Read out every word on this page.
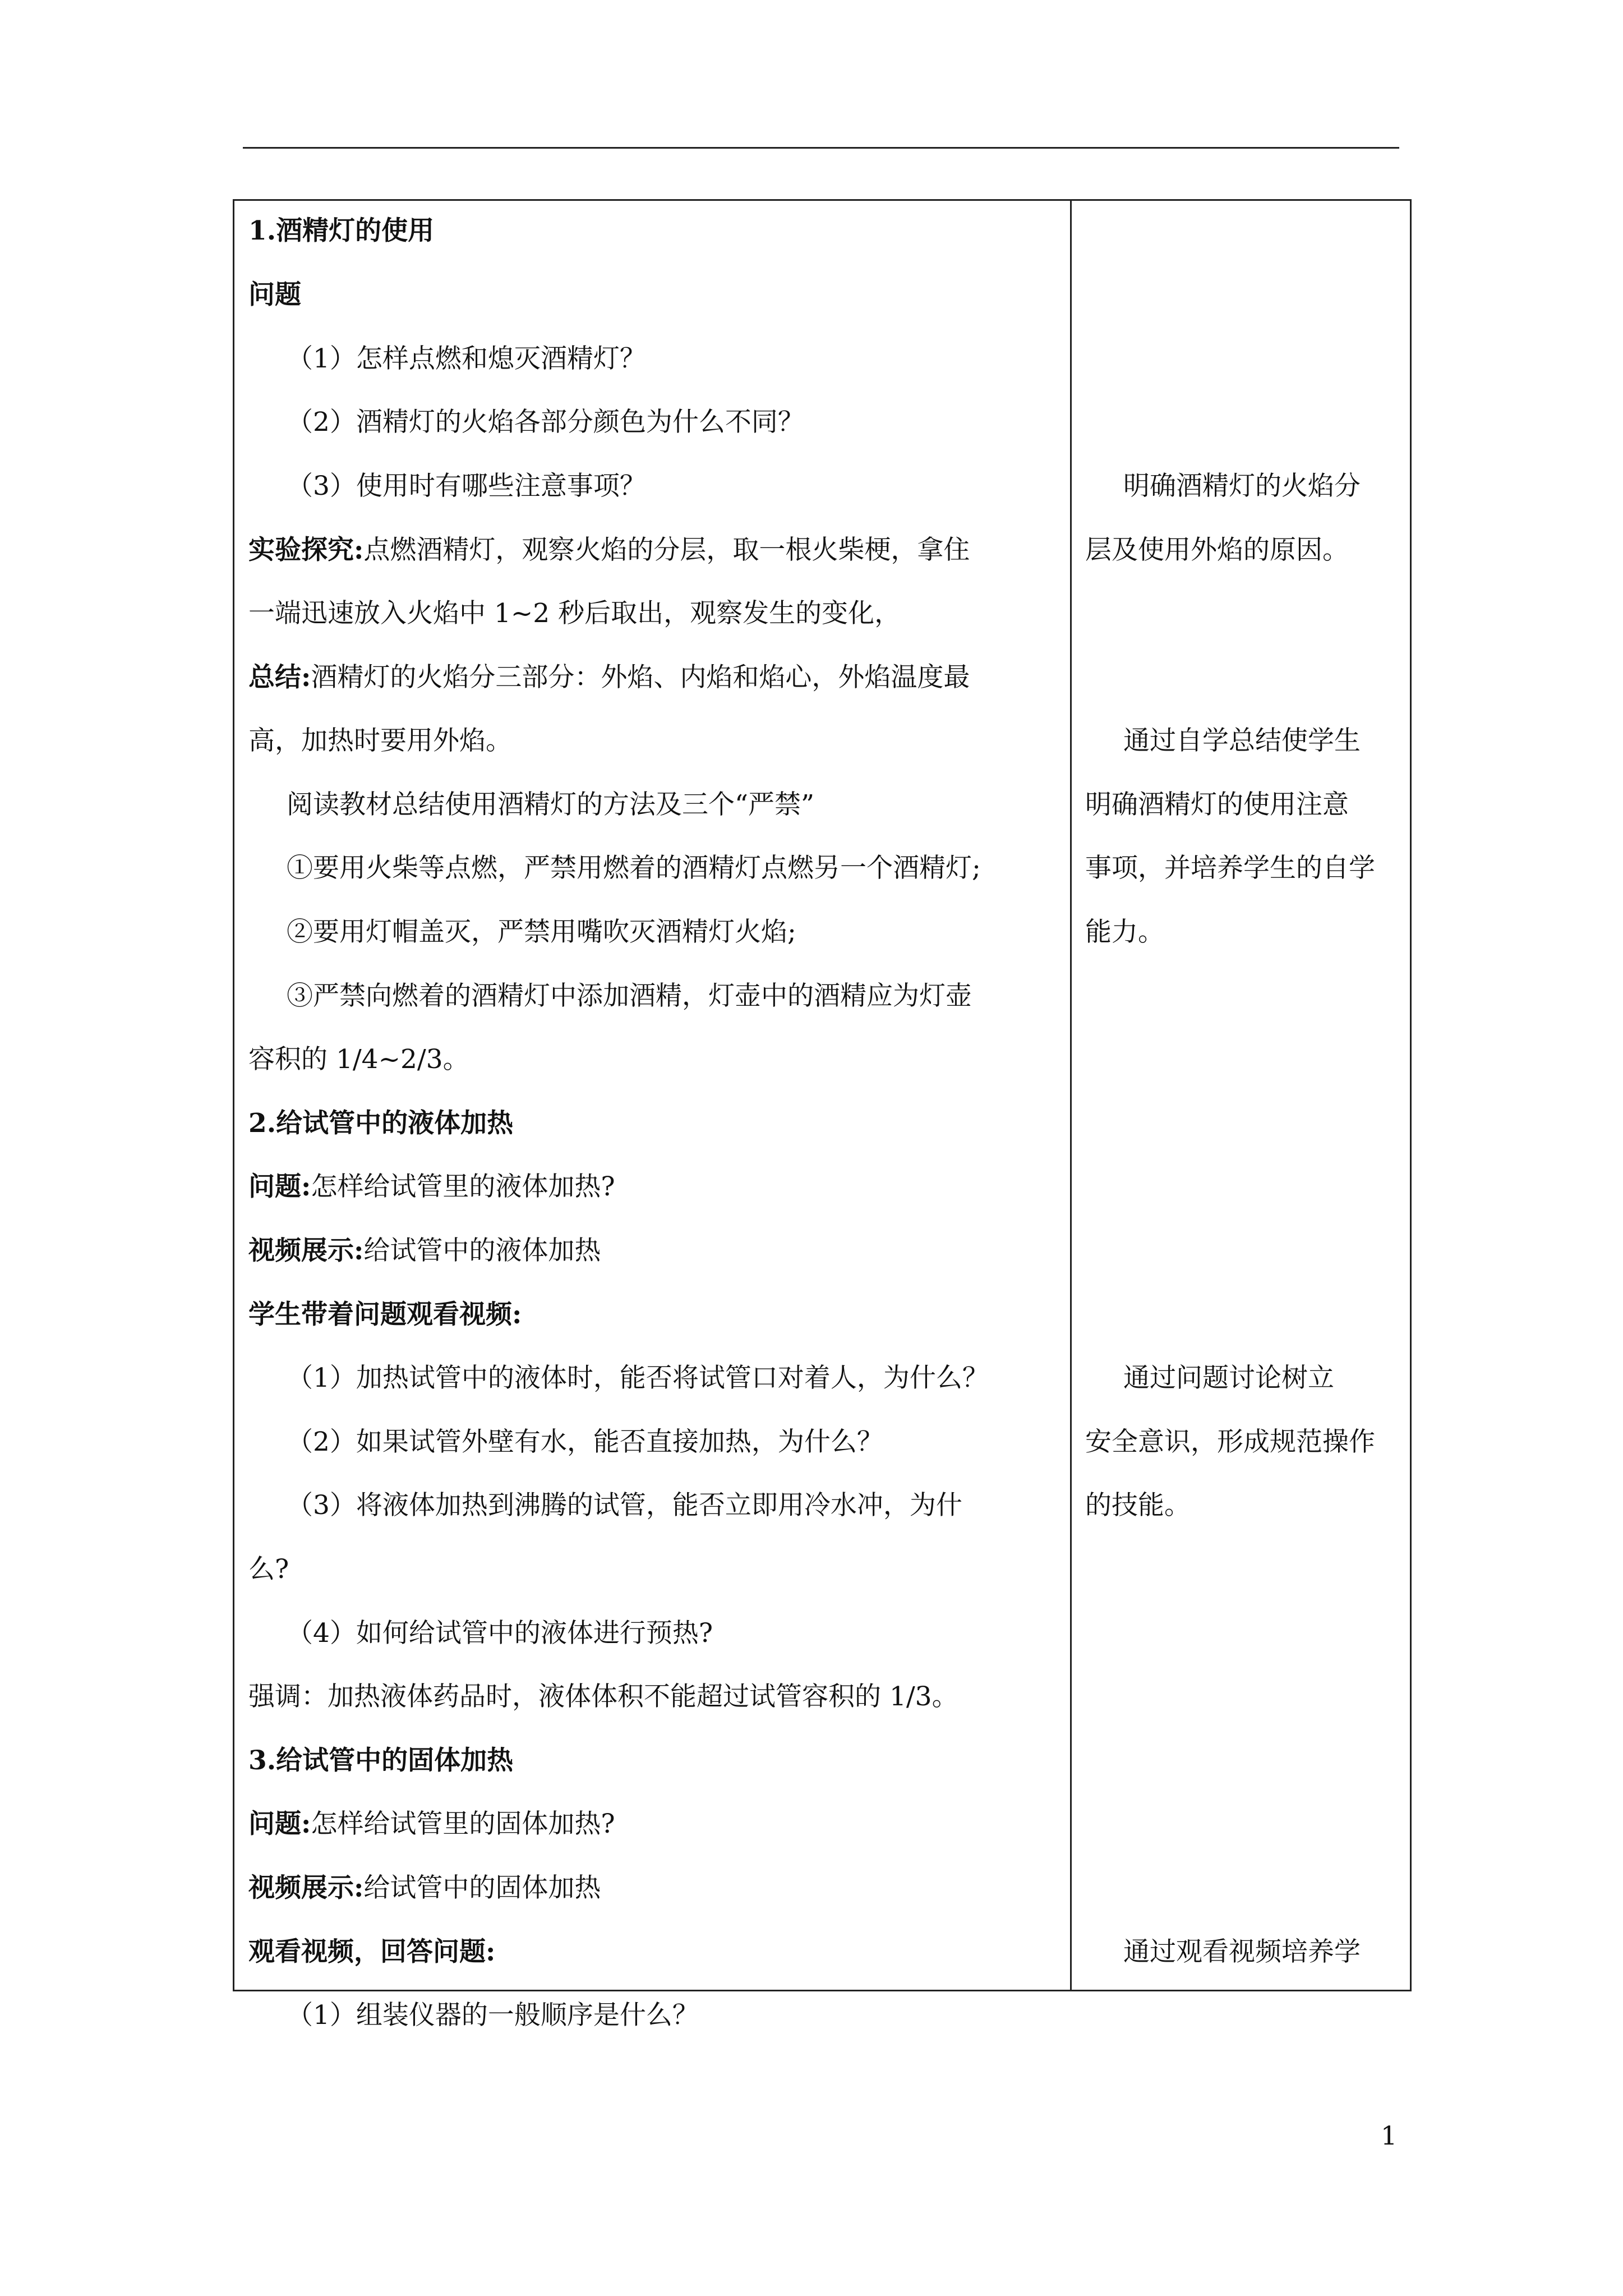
1.酒精灯的使用
问题
（1）怎样点燃和熄灭酒精灯？
（2）酒精灯的火焰各部分颜色为什么不同？
（3）使用时有哪些注意事项？
实验探究:点燃酒精灯，观察火焰的分层，取一根火柴梗，拿住
一端迅速放入火焰中 1~2 秒后取出，观察发生的变化，
总结:酒精灯的火焰分三部分：外焰、内焰和焰心，外焰温度最
高，加热时要用外焰。
阅读教材总结使用酒精灯的方法及三个“严禁”
①要用火柴等点燃，严禁用燃着的酒精灯点燃另一个酒精灯;
②要用灯帽盖灭，严禁用嘴吹灭酒精灯火焰;
③严禁向燃着的酒精灯中添加酒精，灯壶中的酒精应为灯壶
容积的 1/4~2/3。
2.给试管中的液体加热
问题:怎样给试管里的液体加热?
视频展示:给试管中的液体加热
学生带着问题观看视频:
（1）加热试管中的液体时，能否将试管口对着人，为什么？
（2）如果试管外壁有水，能否直接加热，为什么？
（3）将液体加热到沸腾的试管，能否立即用冷水冲，为什
么?
（4）如何给试管中的液体进行预热?
强调：加热液体药品时，液体体积不能超过试管容积的 1/3。
3.给试管中的固体加热
问题:怎样给试管里的固体加热?
视频展示:给试管中的固体加热
观看视频，回答问题:
（1）组装仪器的一般顺序是什么？
明确酒精灯的火焰分
层及使用外焰的原因。
通过自学总结使学生
明确酒精灯的使用注意
事项，并培养学生的自学
能力。
通过问题讨论树立
安全意识，形成规范操作
的技能。
通过观看视频培养学
1
